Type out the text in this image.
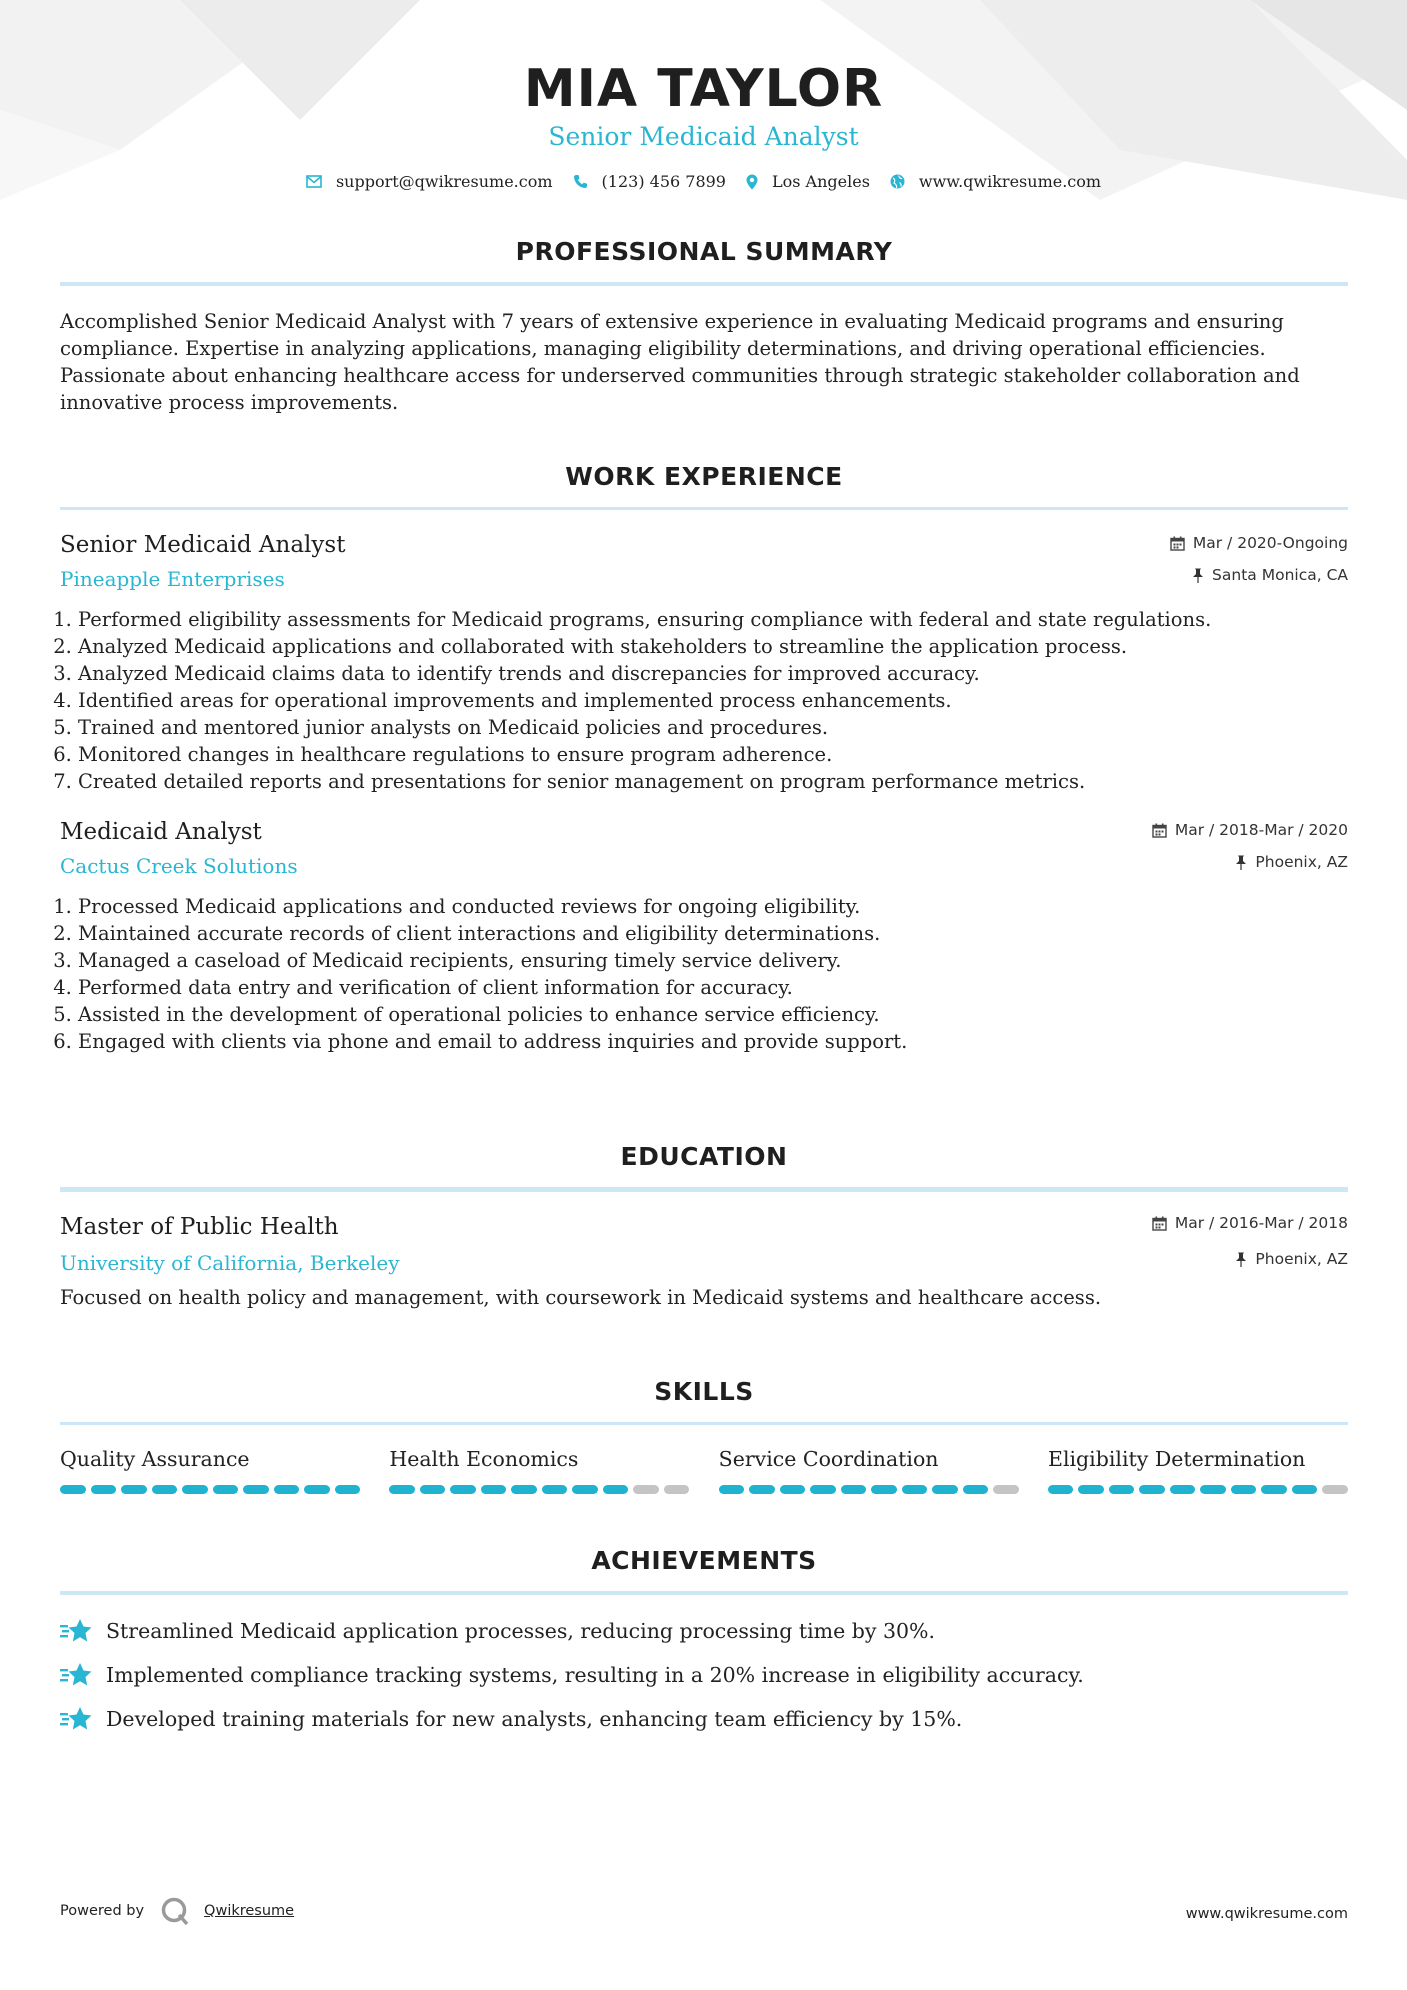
MIA TAYLOR
Senior Medicaid Analyst
support@qwikresume.com	(123) 456 7899	Los Angeles	www.qwikresume.com
PROFESSIONAL SUMMARY
Accomplished Senior Medicaid Analyst with 7 years of extensive experience in evaluating Medicaid programs and ensuring compliance. Expertise in analyzing applications, managing eligibility determinations, and driving operational efficiencies. Passionate about enhancing healthcare access for underserved communities through strategic stakeholder collaboration and innovative process improvements.
WORK EXPERIENCE
Mar / 2020-Ongoing
Santa Monica, CA
Senior Medicaid Analyst
Pineapple Enterprises
1. Performed eligibility assessments for Medicaid programs, ensuring compliance with federal and state regulations.
2. Analyzed Medicaid applications and collaborated with stakeholders to streamline the application process.
3. Analyzed Medicaid claims data to identify trends and discrepancies for improved accuracy.
4. Identified areas for operational improvements and implemented process enhancements.
5. Trained and mentored junior analysts on Medicaid policies and procedures.
6. Monitored changes in healthcare regulations to ensure program adherence.
7. Created detailed reports and presentations for senior management on program performance metrics.
Mar / 2018-Mar / 2020
Phoenix, AZ
Medicaid Analyst
Cactus Creek Solutions
1. Processed Medicaid applications and conducted reviews for ongoing eligibility.
2. Maintained accurate records of client interactions and eligibility determinations.
3. Managed a caseload of Medicaid recipients, ensuring timely service delivery.
4. Performed data entry and verification of client information for accuracy.
5. Assisted in the development of operational policies to enhance service efficiency.
6. Engaged with clients via phone and email to address inquiries and provide support.
EDUCATION
Mar / 2016-Mar / 2018
Phoenix, AZ
Master of Public Health
University of California, Berkeley
Focused on health policy and management, with coursework in Medicaid systems and healthcare access.
SKILLS
Quality Assurance	Health Economics	Service Coordination	Eligibility Determination
ACHIEVEMENTS
Streamlined Medicaid application processes, reducing processing time by 30%.
Implemented compliance tracking systems, resulting in a 20% increase in eligibility accuracy.
Developed training materials for new analysts, enhancing team efficiency by 15%.
Powered by	Qwikresume	www.qwikresume.com
